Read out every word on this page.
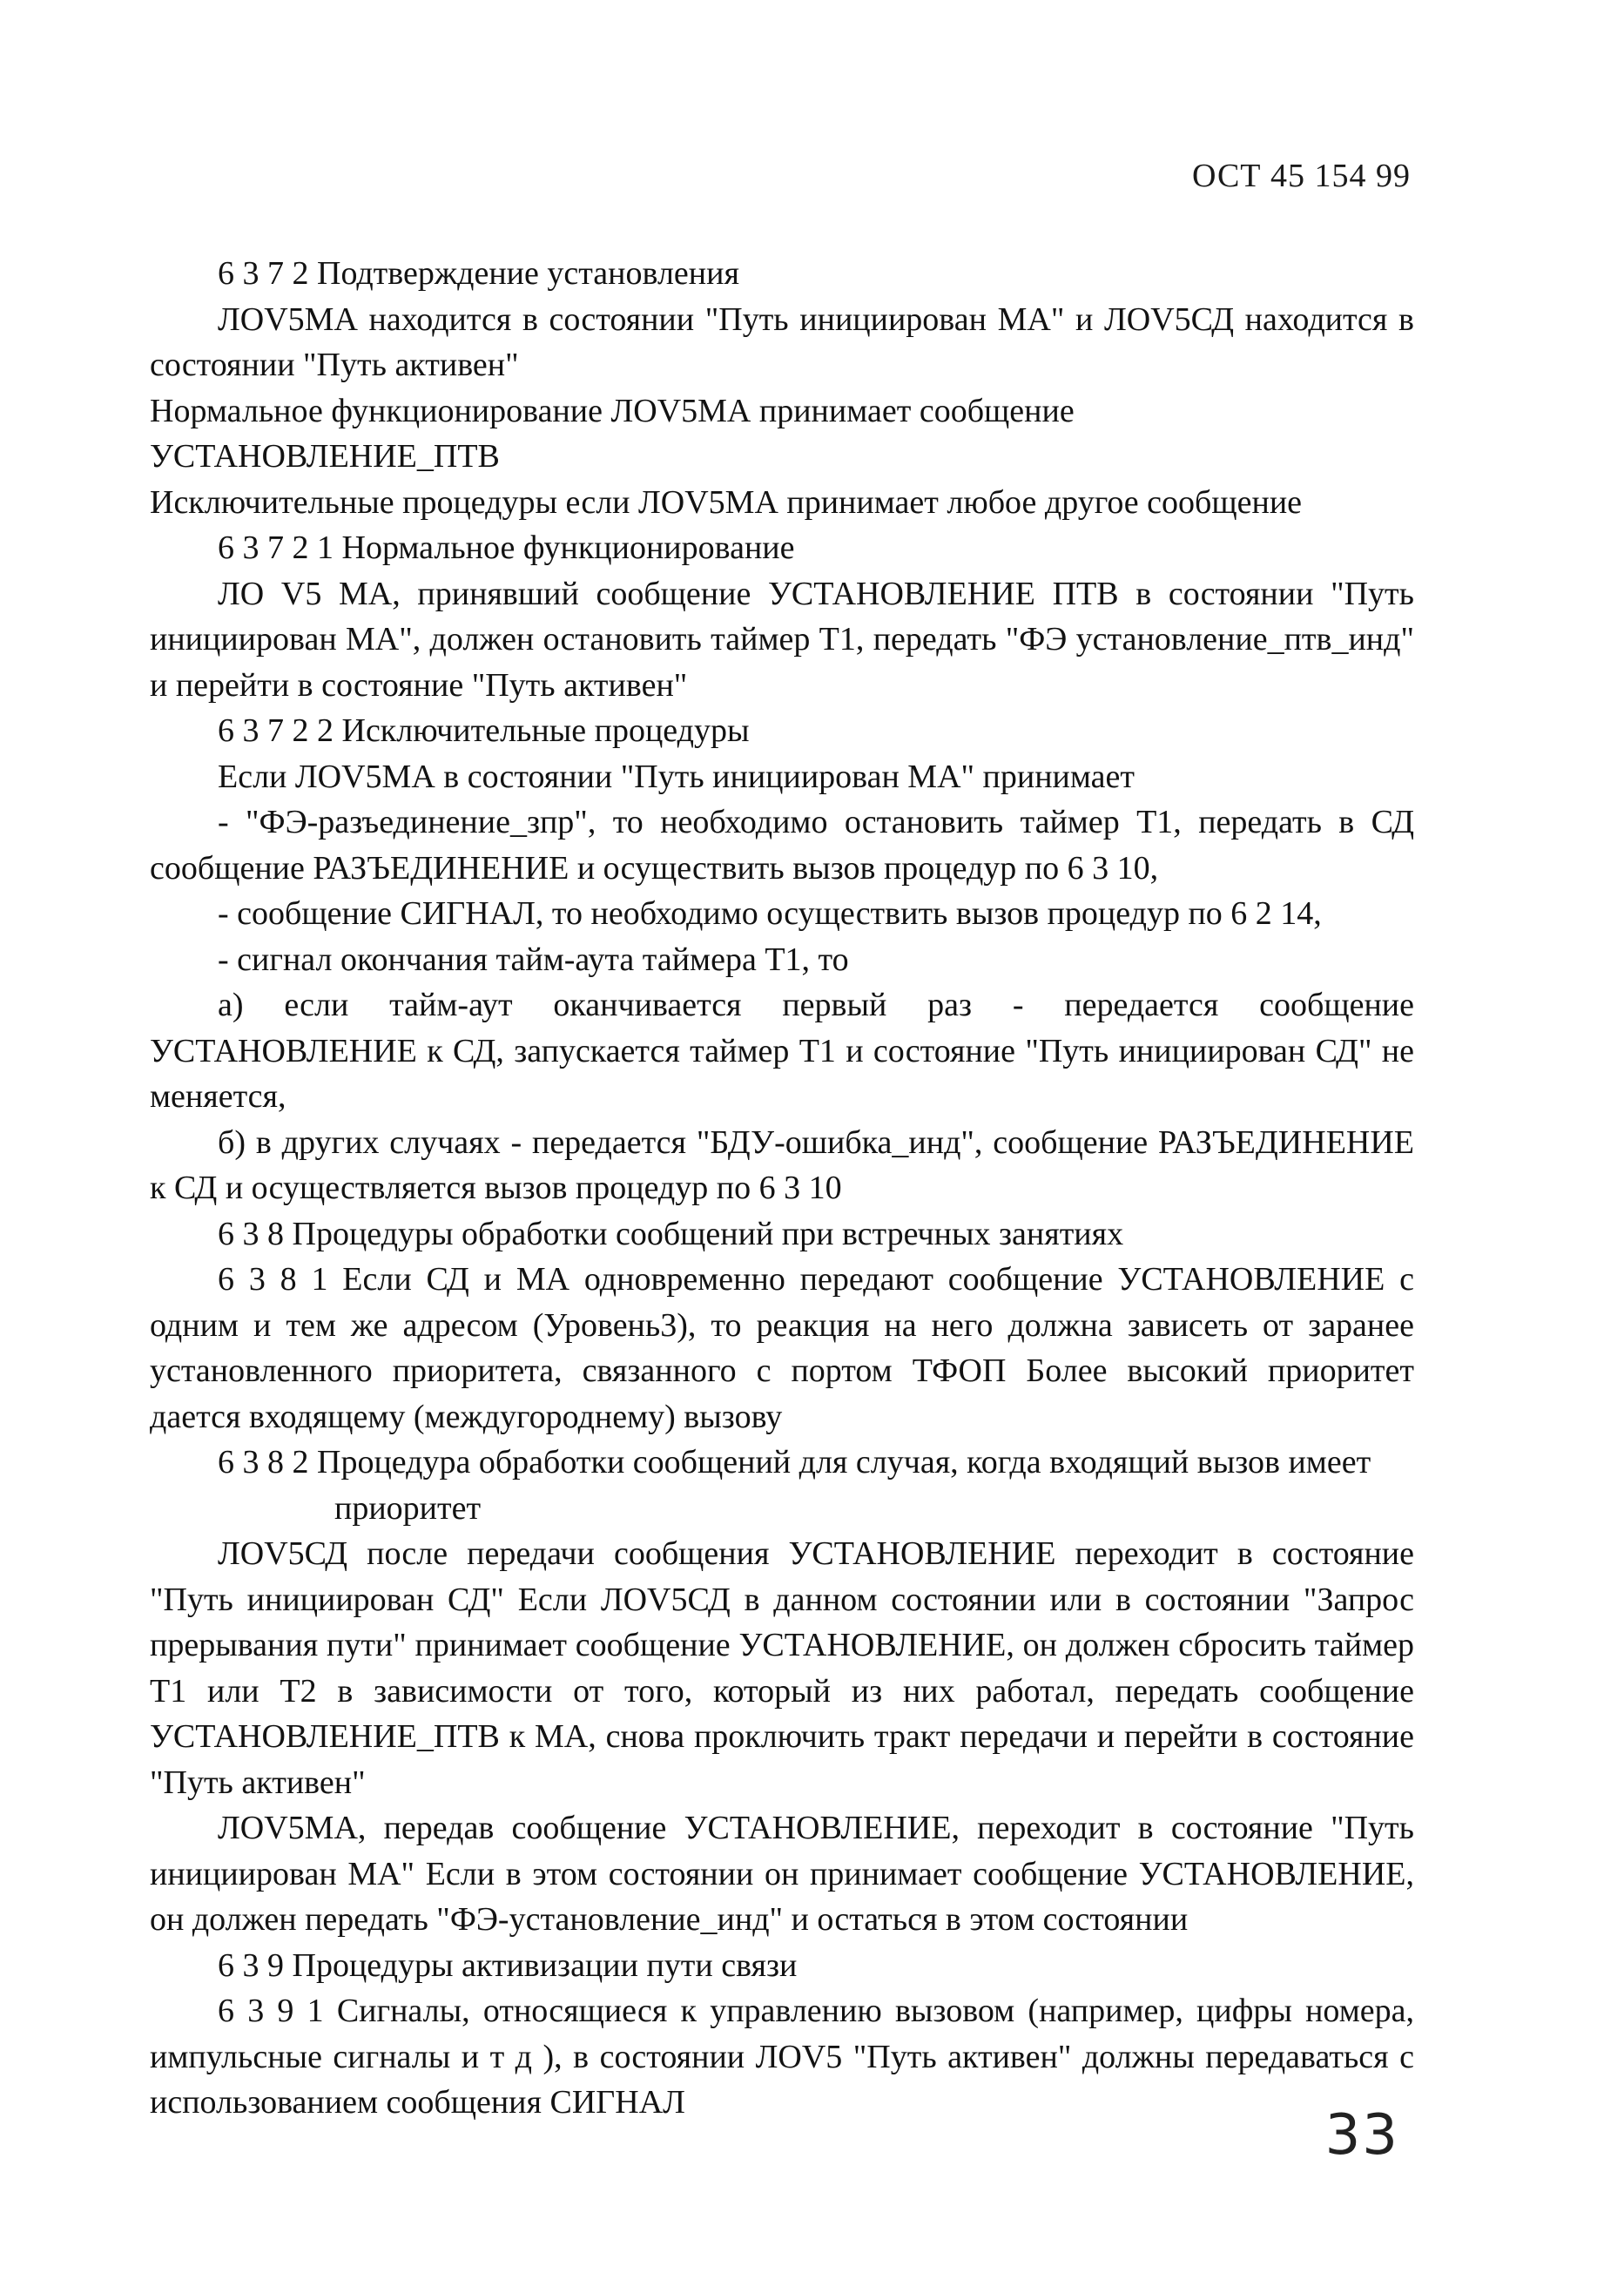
ОСТ 45 154 99

6 3 7 2 Подтверждение установления

ЛОV5МА находится в состоянии "Путь инициирован МА" и ЛОV5СД находится в состоянии "Путь активен"

Нормальное функционирование ЛОV5МА принимает сообщение УСТАНОВЛЕНИЕ_ПТВ

Исключительные процедуры если ЛОV5МА принимает любое другое сообщение

6 3 7 2 1 Нормальное функционирование

ЛО V5 МА, принявший сообщение УСТАНОВЛЕНИЕ ПТВ в состоянии "Путь инициирован МА", должен остановить таймер Т1, передать "ФЭ установление_птв_инд" и перейти в состояние "Путь активен"

6 3 7 2 2 Исключительные процедуры

Если ЛОV5МА в состоянии "Путь инициирован МА" принимает

- "ФЭ-разъединение_зпр", то необходимо остановить таймер Т1, передать в СД сообщение РАЗЪЕДИНЕНИЕ и осуществить вызов процедур по 6 3 10,

- сообщение СИГНАЛ, то необходимо осуществить вызов процедур по 6 2 14,

- сигнал окончания тайм-аута таймера Т1, то

а) если тайм-аут оканчивается первый раз - передается сообщение УСТАНОВЛЕНИЕ к СД, запускается таймер Т1 и состояние "Путь инициирован СД" не меняется,

б) в других случаях - передается "БДУ-ошибка_инд", сообщение РАЗЪЕДИНЕНИЕ к СД и осуществляется вызов процедур по 6 3 10

6 3 8 Процедуры обработки сообщений при встречных занятиях

6 3 8 1 Если СД и МА одновременно передают сообщение УСТАНОВЛЕНИЕ с одним и тем же адресом (Уровень3), то реакция на него должна зависеть от заранее установленного приоритета, связанного с портом ТФОП Более высокий приоритет дается входящему (междугороднему) вызову

6 3 8 2 Процедура обработки сообщений для случая, когда входящий вызов имеет

приоритет

ЛОV5СД после передачи сообщения УСТАНОВЛЕНИЕ переходит в состояние "Путь инициирован СД" Если ЛОV5СД в данном состоянии или в состоянии "Запрос прерывания пути" принимает сообщение УСТАНОВЛЕНИЕ, он должен сбросить таймер Т1 или Т2 в зависимости от того, который из них работал, передать сообщение УСТАНОВЛЕНИЕ_ПТВ к МА, снова проключить тракт передачи и перейти в состояние "Путь активен"

ЛОV5МА, передав сообщение УСТАНОВЛЕНИЕ, переходит в состояние "Путь инициирован МА" Если в этом состоянии он принимает сообщение УСТАНОВЛЕНИЕ, он должен передать "ФЭ-установление_инд" и остаться в этом состоянии

6 3 9 Процедуры активизации пути связи

6 3 9 1 Сигналы, относящиеся к управлению вызовом (например, цифры номера, импульсные сигналы и т д ), в состоянии ЛОV5 "Путь активен" должны передаваться с использованием сообщения СИГНАЛ

33
